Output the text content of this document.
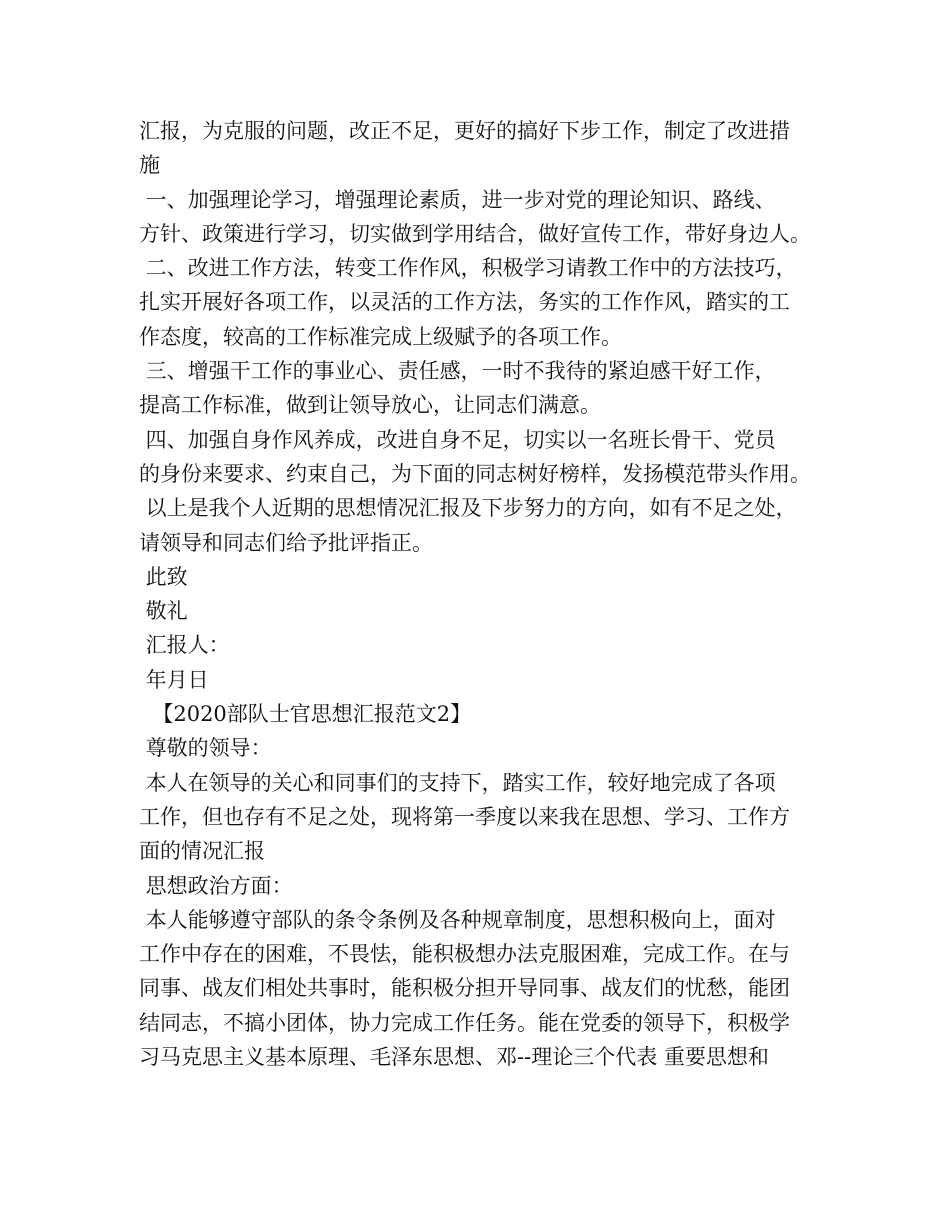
汇报，为克服的问题，改正不足，更好的搞好下步工作，制定了改进措
施
一、加强理论学习，增强理论素质，进一步对党的理论知识、路线、
方针、政策进行学习，切实做到学用结合，做好宣传工作，带好身边人。
二、改进工作方法，转变工作作风，积极学习请教工作中的方法技巧，
扎实开展好各项工作，以灵活的工作方法，务实的工作作风，踏实的工
作态度，较高的工作标准完成上级赋予的各项工作。
三、增强干工作的事业心、责任感，一时不我待的紧迫感干好工作，
提高工作标准，做到让领导放心，让同志们满意。
四、加强自身作风养成，改进自身不足，切实以一名班长骨干、党员
的身份来要求、约束自己，为下面的同志树好榜样，发扬模范带头作用。
以上是我个人近期的思想情况汇报及下步努力的方向，如有不足之处，
请领导和同志们给予批评指正。
此致
敬礼
汇报人：
年月日
【2020部队士官思想汇报范文2】
尊敬的领导：
本人在领导的关心和同事们的支持下，踏实工作，较好地完成了各项
工作，但也存有不足之处，现将第一季度以来我在思想、学习、工作方
面的情况汇报
思想政治方面：
本人能够遵守部队的条令条例及各种规章制度，思想积极向上，面对
工作中存在的困难，不畏怯，能积极想办法克服困难，完成工作。在与
同事、战友们相处共事时，能积极分担开导同事、战友们的忧愁，能团
结同志，不搞小团体，协力完成工作任务。能在党委的领导下，积极学
习马克思主义基本原理、毛泽东思想、邓--理论三个代表 重要思想和
